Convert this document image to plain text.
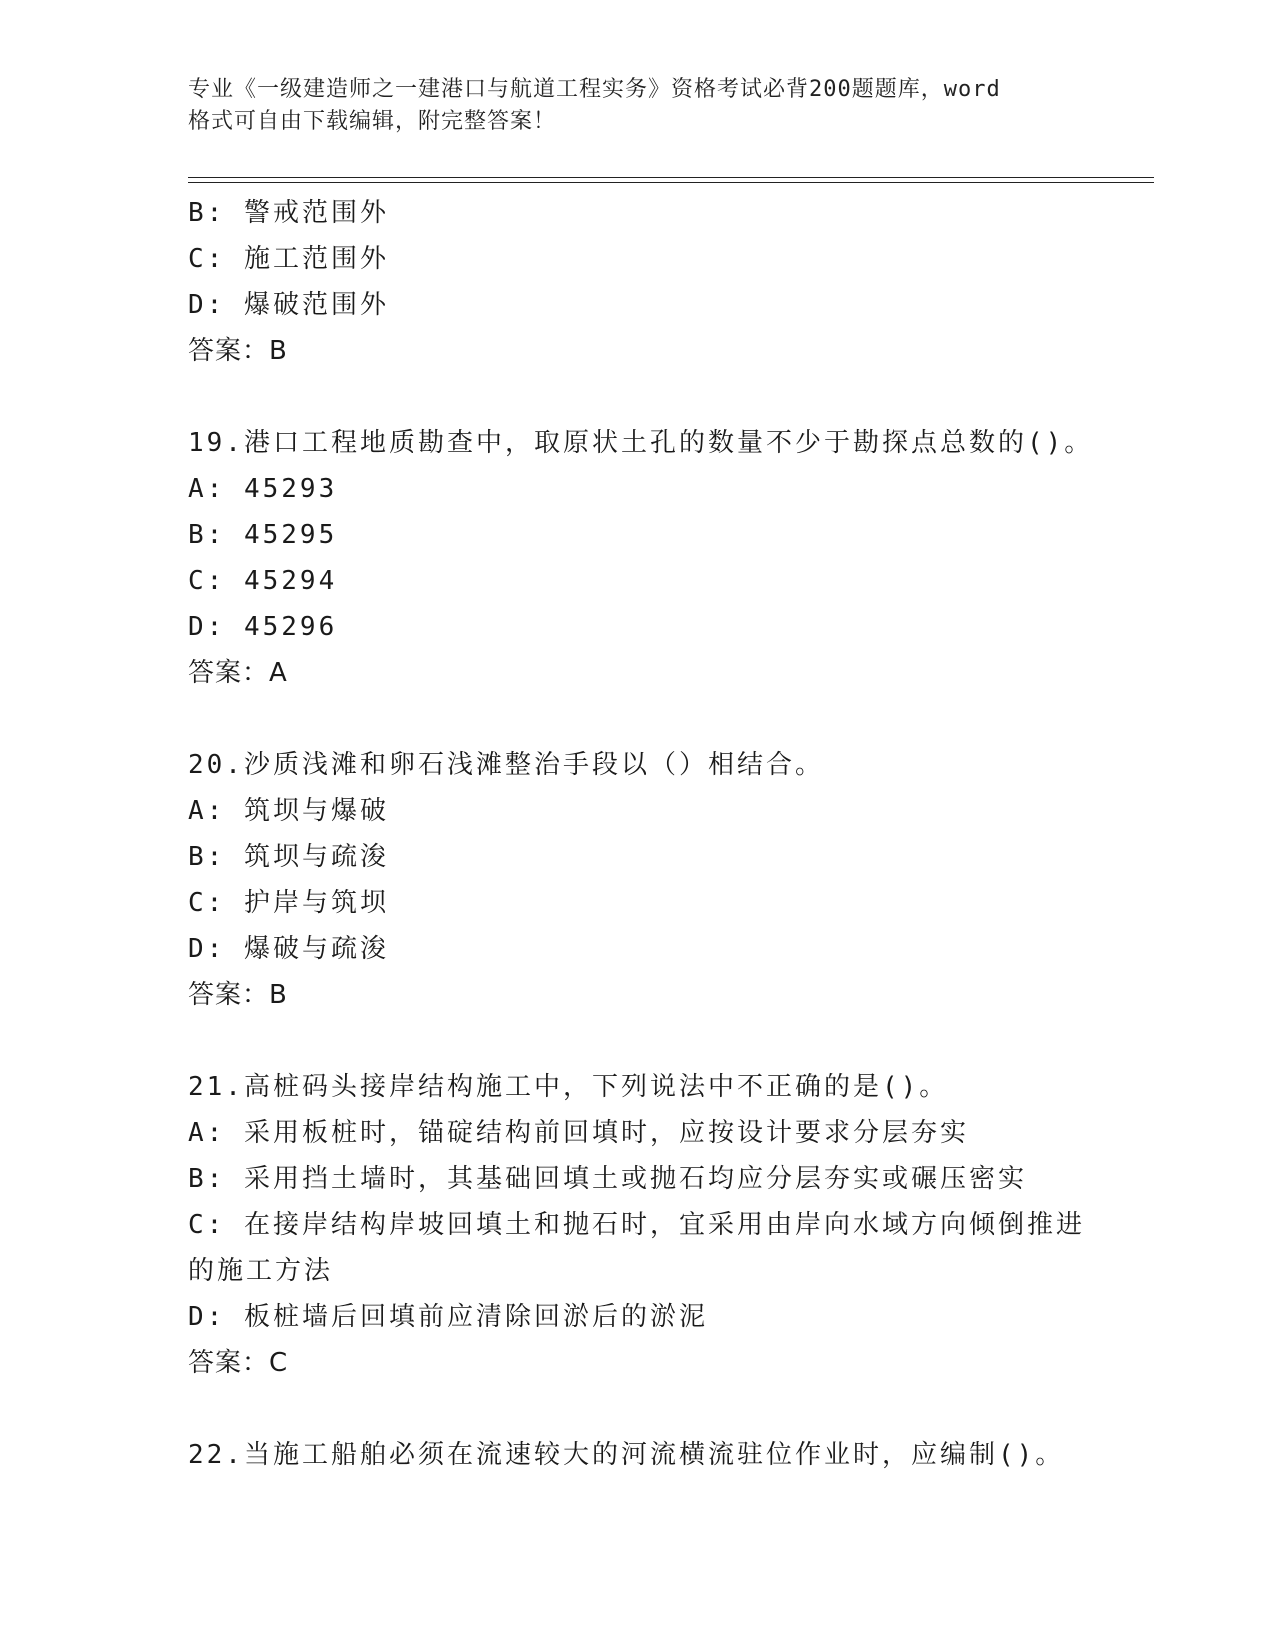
专业《一级建造师之一建港口与航道工程实务》资格考试必背200题题库，word
格式可自由下载编辑，附完整答案！
B: 警戒范围外
C: 施工范围外
D: 爆破范围外
答案：B
19.港口工程地质勘查中，取原状土孔的数量不少于勘探点总数的()。
A: 45293
B: 45295
C: 45294
D: 45296
答案：A
20.沙质浅滩和卵石浅滩整治手段以（）相结合。
A: 筑坝与爆破
B: 筑坝与疏浚
C: 护岸与筑坝
D: 爆破与疏浚
答案：B
21.高桩码头接岸结构施工中，下列说法中不正确的是()。
A: 采用板桩时，锚碇结构前回填时，应按设计要求分层夯实
B: 采用挡土墙时，其基础回填土或抛石均应分层夯实或碾压密实
C: 在接岸结构岸坡回填土和抛石时，宜采用由岸向水域方向倾倒推进
的施工方法
D: 板桩墙后回填前应清除回淤后的淤泥
答案：C
22.当施工船舶必须在流速较大的河流横流驻位作业时，应编制()。
